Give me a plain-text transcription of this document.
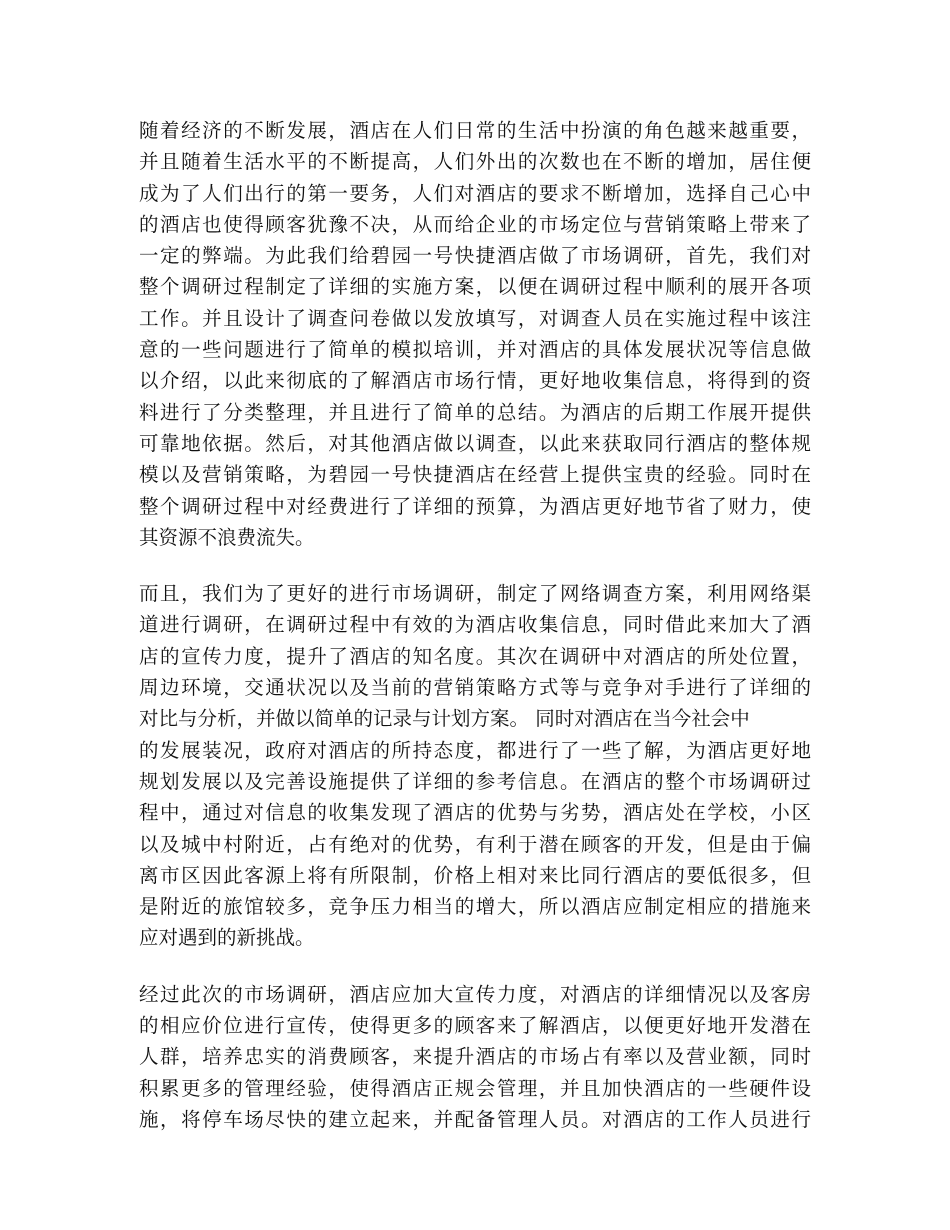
随着经济的不断发展，酒店在人们日常的生活中扮演的角色越来越重要，
并且随着生活水平的不断提高，人们外出的次数也在不断的增加，居住便
成为了人们出行的第一要务，人们对酒店的要求不断增加，选择自己心中
的酒店也使得顾客犹豫不决，从而给企业的市场定位与营销策略上带来了
一定的弊端。为此我们给碧园一号快捷酒店做了市场调研，首先，我们对
整个调研过程制定了详细的实施方案，以便在调研过程中顺利的展开各项
工作。并且设计了调查问卷做以发放填写，对调查人员在实施过程中该注
意的一些问题进行了简单的模拟培训，并对酒店的具体发展状况等信息做
以介绍，以此来彻底的了解酒店市场行情，更好地收集信息，将得到的资
料进行了分类整理，并且进行了简单的总结。为酒店的后期工作展开提供
可靠地依据。然后，对其他酒店做以调查，以此来获取同行酒店的整体规
模以及营销策略，为碧园一号快捷酒店在经营上提供宝贵的经验。同时在
整个调研过程中对经费进行了详细的预算，为酒店更好地节省了财力，使
其资源不浪费流失。
而且，我们为了更好的进行市场调研，制定了网络调查方案，利用网络渠
道进行调研，在调研过程中有效的为酒店收集信息，同时借此来加大了酒
店的宣传力度，提升了酒店的知名度。其次在调研中对酒店的所处位置，
周边环境，交通状况以及当前的营销策略方式等与竞争对手进行了详细的
对比与分析，并做以简单的记录与计划方案。 同时对酒店在当今社会中
的发展装况，政府对酒店的所持态度，都进行了一些了解，为酒店更好地
规划发展以及完善设施提供了详细的参考信息。在酒店的整个市场调研过
程中，通过对信息的收集发现了酒店的优势与劣势，酒店处在学校，小区
以及城中村附近，占有绝对的优势，有利于潜在顾客的开发，但是由于偏
离市区因此客源上将有所限制，价格上相对来比同行酒店的要低很多，但
是附近的旅馆较多，竞争压力相当的增大，所以酒店应制定相应的措施来
应对遇到的新挑战。
经过此次的市场调研，酒店应加大宣传力度，对酒店的详细情况以及客房
的相应价位进行宣传，使得更多的顾客来了解酒店，以便更好地开发潜在
人群，培养忠实的消费顾客，来提升酒店的市场占有率以及营业额，同时
积累更多的管理经验，使得酒店正规会管理，并且加快酒店的一些硬件设
施，将停车场尽快的建立起来，并配备管理人员。对酒店的工作人员进行
